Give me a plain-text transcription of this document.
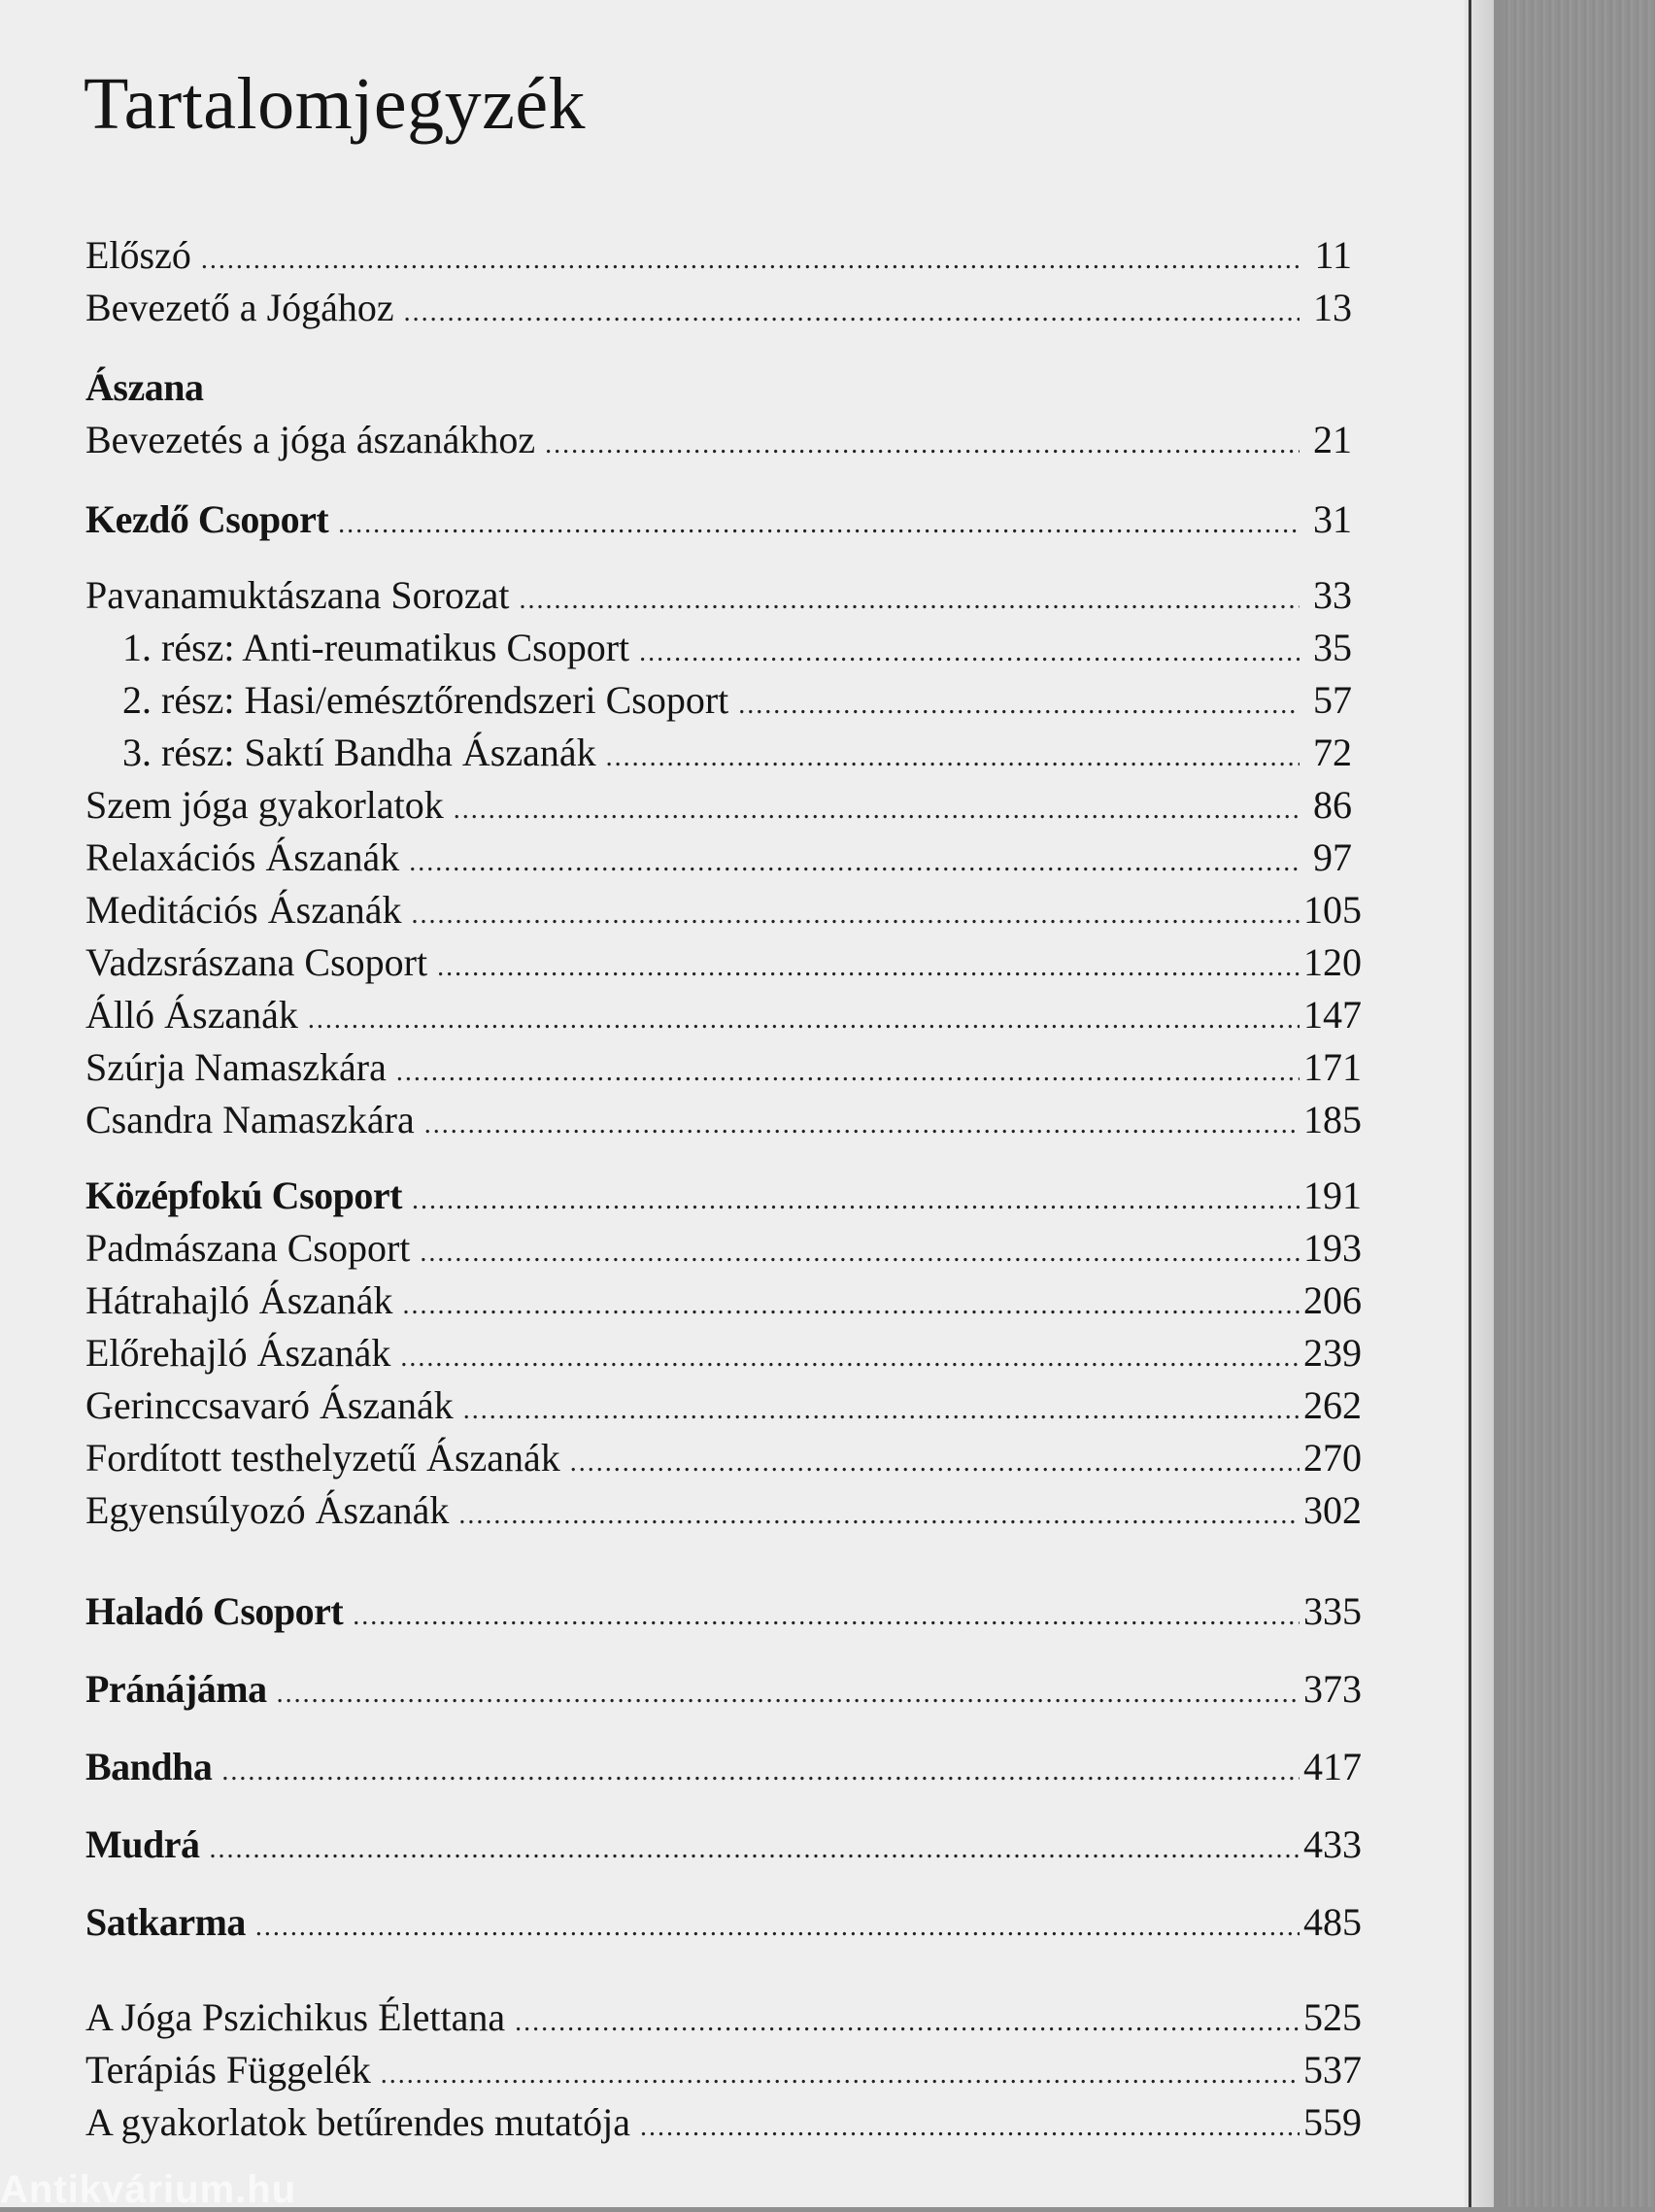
Tartalomjegyzék
Előszó .....	11
Bevezető a Jógához .....	13
Ászana
Bevezetés a jóga ászanákhoz .....	21
Kezdő Csoport .....	31
Pavanamuktászana Sorozat .....	33
1. rész: Anti-reumatikus Csoport .....	35
2. rész: Hasi/emésztőrendszeri Csoport .....	57
3. rész: Saktí Bandha Ászanák .....	72
Szem jóga gyakorlatok .....	86
Relaxációs Ászanák .....	97
Meditációs Ászanák .....	105
Vadzsrászana Csoport .....	120
Álló Ászanák .....	147
Szúrja Namaszkára .....	171
Csandra Namaszkára .....	185
Középfokú Csoport .....	191
Padmászana Csoport .....	193
Hátrahajló Ászanák .....	206
Előrehajló Ászanák .....	239
Gerinccsavaró Ászanák .....	262
Fordított testhelyzetű Ászanák .....	270
Egyensúlyozó Ászanák .....	302
Haladó Csoport .....	335
Pránájáma .....	373
Bandha .....	417
Mudrá .....	433
Satkarma .....	485
A Jóga Pszichikus Élettana .....	525
Terápiás Függelék .....	537
A gyakorlatok betűrendes mutatója .....	559
Antikvárium.hu
